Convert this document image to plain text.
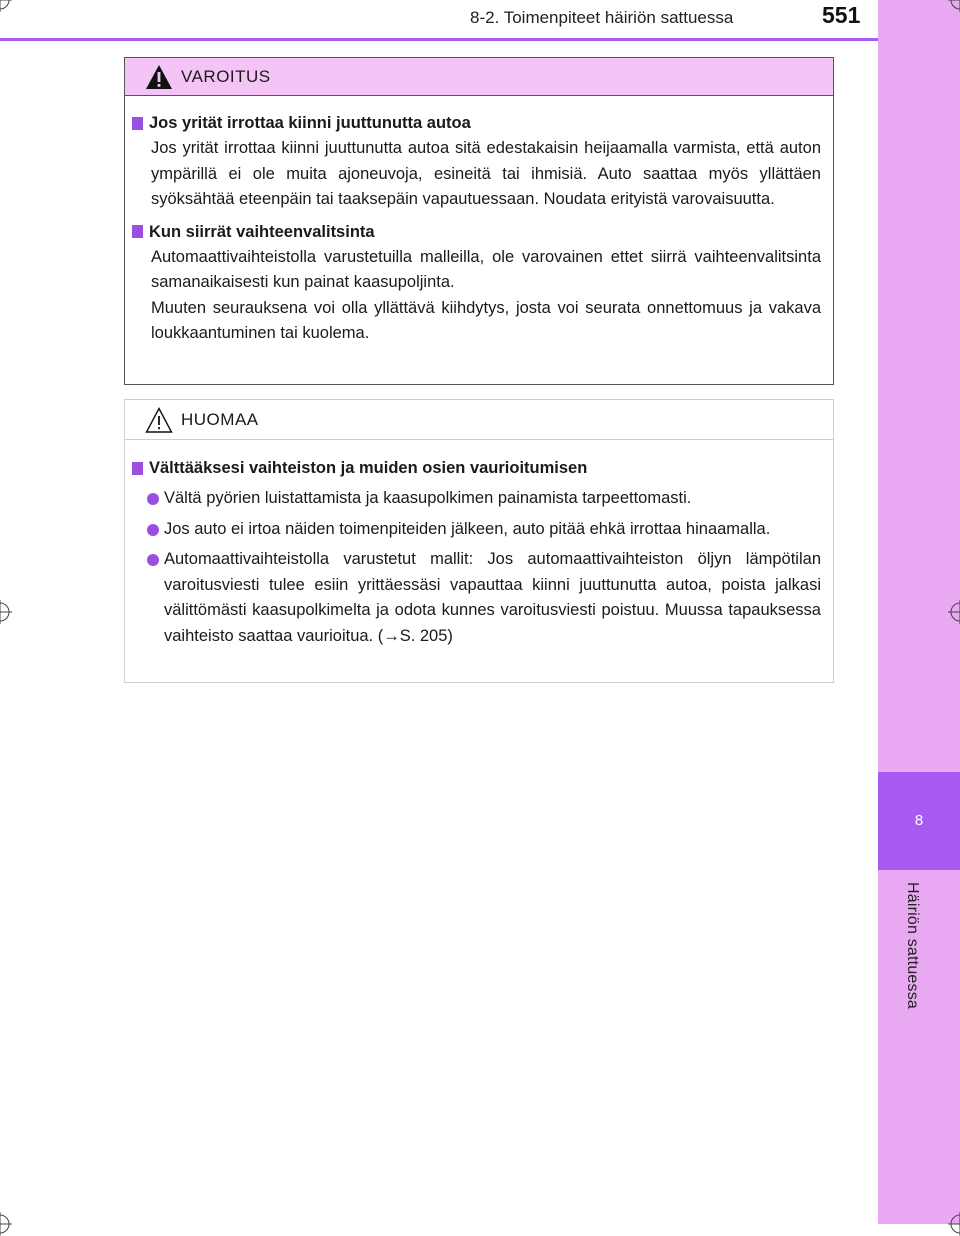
8
Häiriön sattuessa
8-2. Toimenpiteet häiriön sattuessa	551
VAROITUS
Jos yrität irrottaa kiinni juuttunutta autoa
Jos yrität irrottaa kiinni juuttunutta autoa sitä edestakaisin heijaamalla varmista, että auton ympärillä ei ole muita ajoneuvoja, esineitä tai ihmisiä. Auto saattaa myös yllättäen syöksähtää eteenpäin tai taaksepäin vapautuessaan. Noudata erityistä varovaisuutta.
Kun siirrät vaihteenvalitsinta
Automaattivaihteistolla varustetuilla malleilla, ole varovainen ettet siirrä vaihteenvalitsinta samanaikaisesti kun painat kaasupoljinta.
Muuten seurauksena voi olla yllättävä kiihdytys, josta voi seurata onnettomuus ja vakava loukkaantuminen tai kuolema.
HUOMAA
Välttääksesi vaihteiston ja muiden osien vaurioitumisen
Vältä pyörien luistattamista ja kaasupolkimen painamista tarpeettomasti.
Jos auto ei irtoa näiden toimenpiteiden jälkeen, auto pitää ehkä irrottaa hinaamalla.
Automaattivaihteistolla varustetut mallit: Jos automaattivaihteiston öljyn lämpötilan varoitusviesti tulee esiin yrittäessäsi vapauttaa kiinni juuttunutta autoa, poista jalkasi välittömästi kaasupolkimelta ja odota kunnes varoitusviesti poistuu. Muussa tapauksessa vaihteisto saattaa vaurioitua. (→S. 205)
